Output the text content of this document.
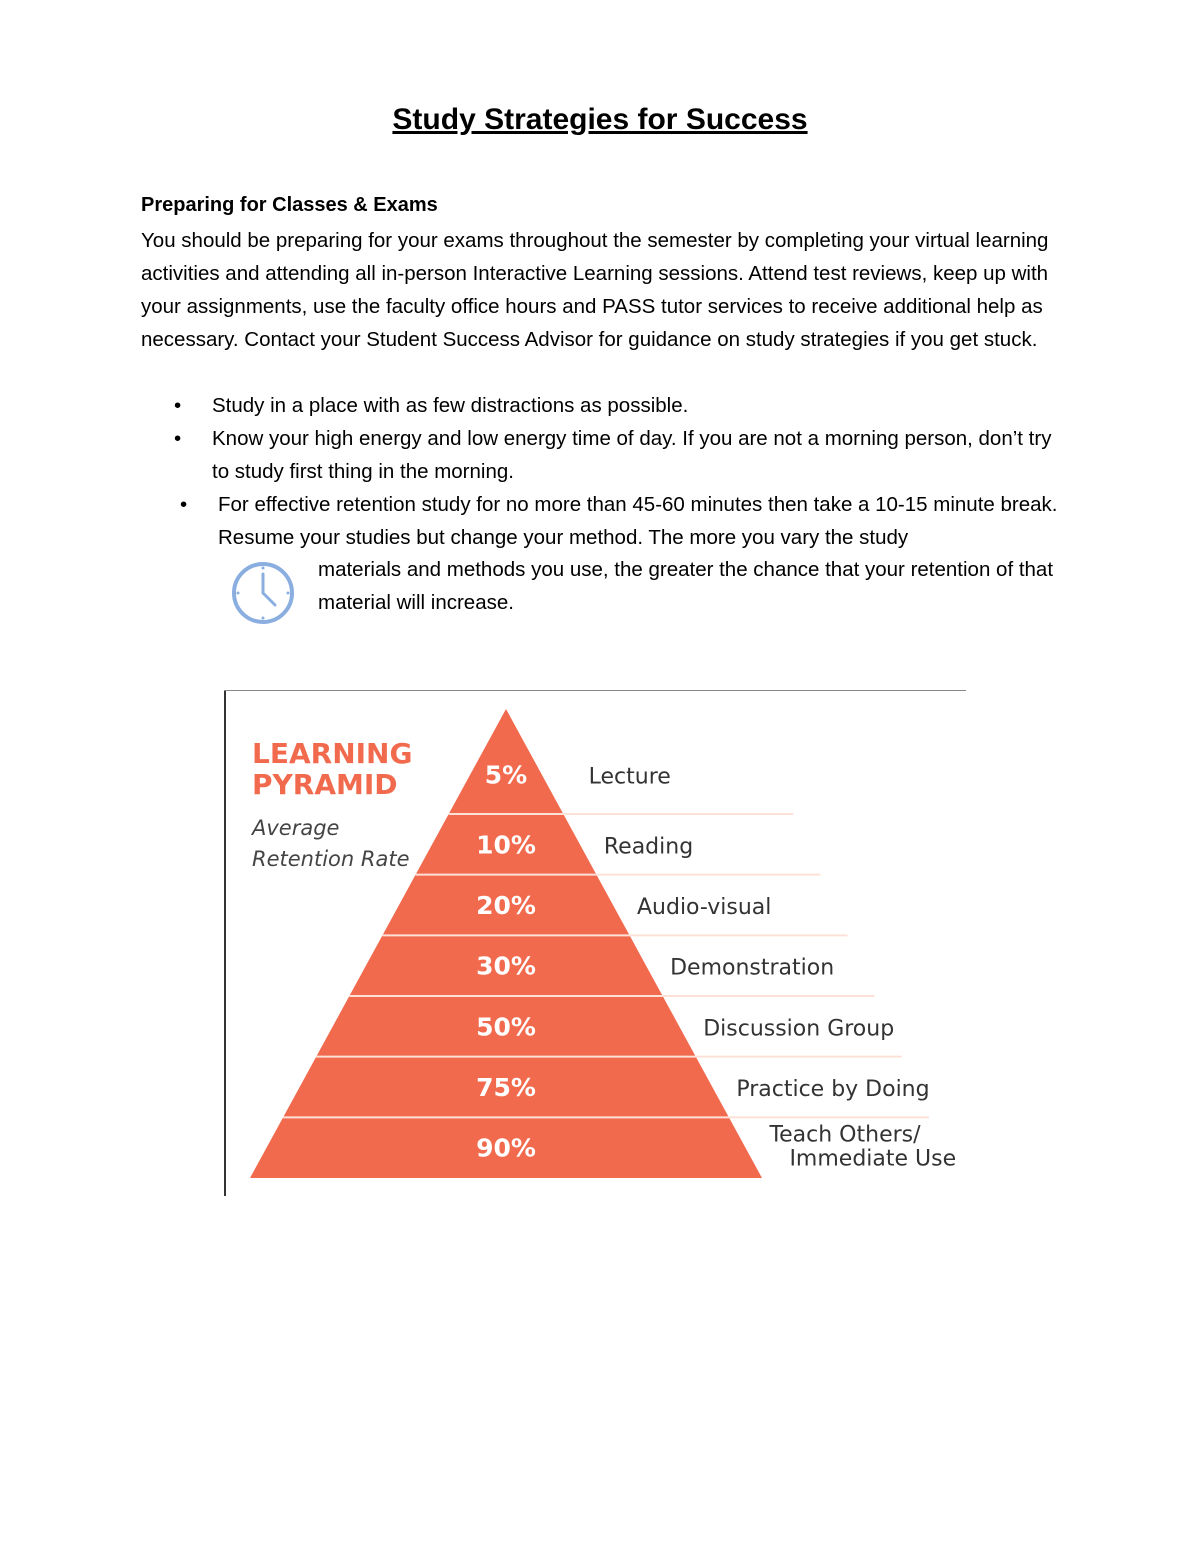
Study Strategies for Success

Preparing for Classes & Exams

You should be preparing for your exams throughout the semester by completing your virtual learning activities and attending all in-person Interactive Learning sessions. Attend test reviews, keep up with your assignments, use the faculty office hours and PASS tutor services to receive additional help as necessary. Contact your Student Success Advisor for guidance on study strategies if you get stuck.

• Study in a place with as few distractions as possible.
• Know your high energy and low energy time of day. If you are not a morning person, don’t try to study first thing in the morning.
• For effective retention study for no more than 45-60 minutes then take a 10-15 minute break. Resume your studies but change your method. The more you vary the study
materials and methods you use, the greater the chance that your retention of that material will increase.
LEARNING
PYRAMID
Average
Retention Rate
5%	Lecture
10%	Reading
20%	Audio-visual
30%	Demonstration
50%	Discussion Group
75%	Practice by Doing
90%	Teach Others/
Immediate Use
